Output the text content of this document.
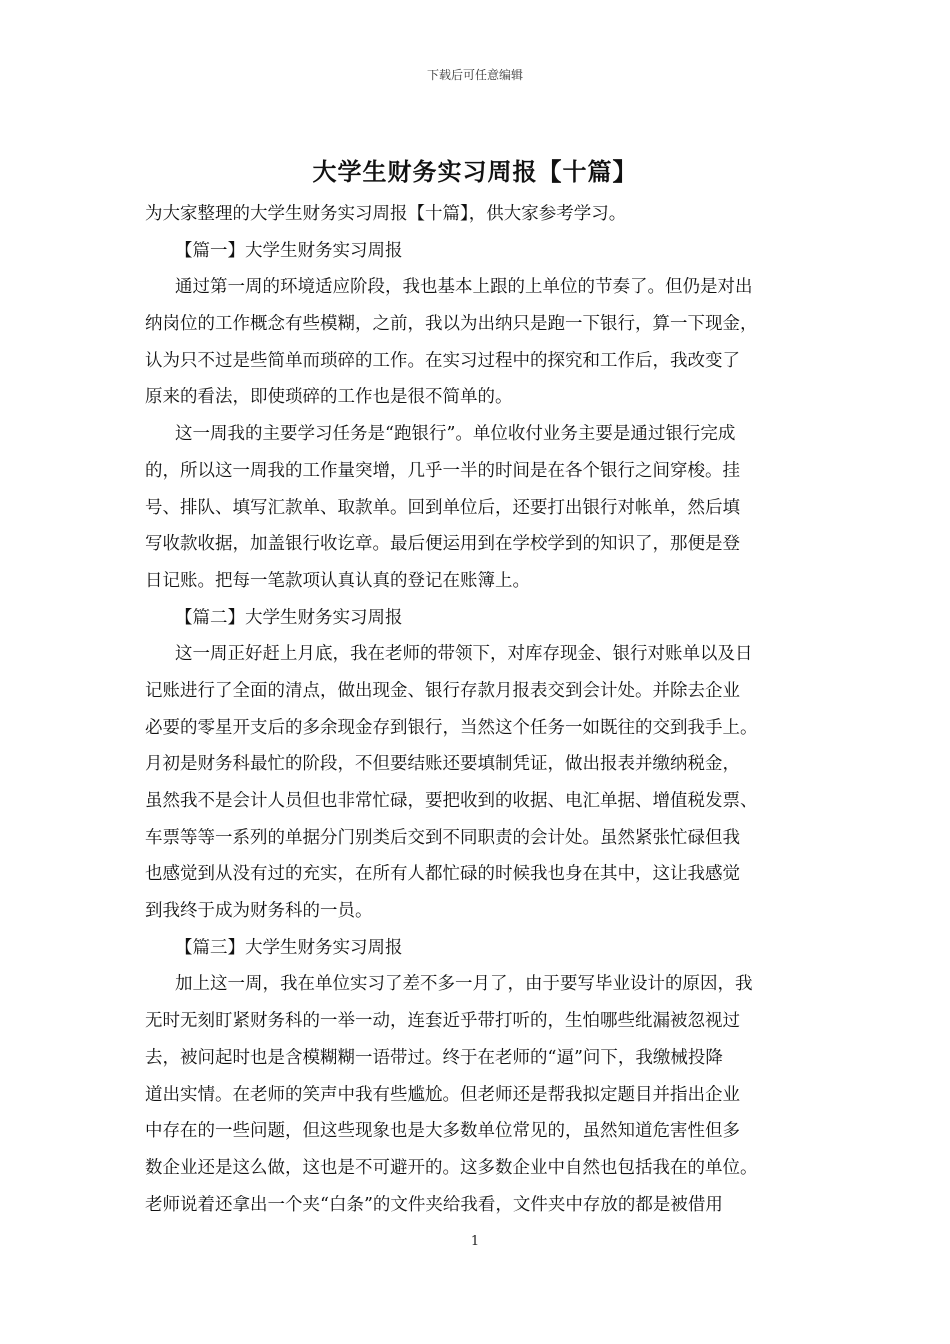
下载后可任意编辑
大学生财务实习周报【十篇】
为大家整理的大学生财务实习周报【十篇】，供大家参考学习。
【篇一】大学生财务实习周报
通过第一周的环境适应阶段，我也基本上跟的上单位的节奏了。但仍是对出
纳岗位的工作概念有些模糊，之前，我以为出纳只是跑一下银行，算一下现金，
认为只不过是些简单而琐碎的工作。在实习过程中的探究和工作后，我改变了
原来的看法，即使琐碎的工作也是很不简单的。
这一周我的主要学习任务是“跑银行”。单位收付业务主要是通过银行完成
的，所以这一周我的工作量突增，几乎一半的时间是在各个银行之间穿梭。挂
号、排队、填写汇款单、取款单。回到单位后，还要打出银行对帐单，然后填
写收款收据，加盖银行收讫章。最后便运用到在学校学到的知识了，那便是登
日记账。把每一笔款项认真认真的登记在账簿上。
【篇二】大学生财务实习周报
这一周正好赶上月底，我在老师的带领下，对库存现金、银行对账单以及日
记账进行了全面的清点，做出现金、银行存款月报表交到会计处。并除去企业
必要的零星开支后的多余现金存到银行，当然这个任务一如既往的交到我手上。
月初是财务科最忙的阶段，不但要结账还要填制凭证，做出报表并缴纳税金，
虽然我不是会计人员但也非常忙碌，要把收到的收据、电汇单据、增值税发票、
车票等等一系列的单据分门别类后交到不同职责的会计处。虽然紧张忙碌但我
也感觉到从没有过的充实，在所有人都忙碌的时候我也身在其中，这让我感觉
到我终于成为财务科的一员。
【篇三】大学生财务实习周报
加上这一周，我在单位实习了差不多一月了，由于要写毕业设计的原因，我
无时无刻盯紧财务科的一举一动，连套近乎带打听的，生怕哪些纰漏被忽视过
去，被问起时也是含模糊糊一语带过。终于在老师的“逼”问下，我缴械投降
道出实情。在老师的笑声中我有些尴尬。但老师还是帮我拟定题目并指出企业
中存在的一些问题，但这些现象也是大多数单位常见的，虽然知道危害性但多
数企业还是这么做，这也是不可避开的。这多数企业中自然也包括我在的单位。
老师说着还拿出一个夹“白条”的文件夹给我看，文件夹中存放的都是被借用
1
